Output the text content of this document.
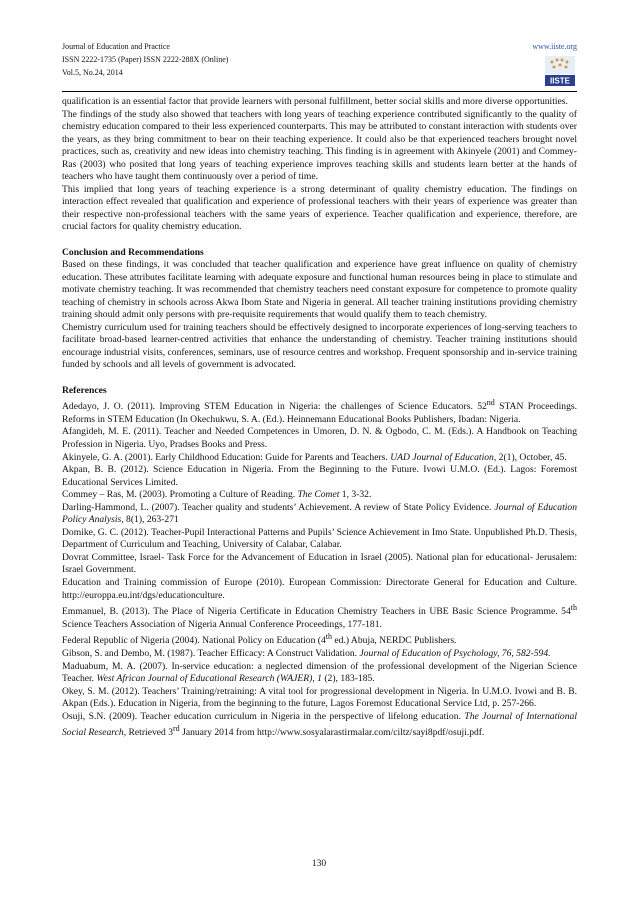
Journal of Education and Practice
ISSN 2222-1735 (Paper) ISSN 2222-288X (Online)
Vol.5, No.24, 2014
www.iiste.org
IISTE

qualification is an essential factor that provide learners with personal fulfillment, better social skills and more diverse opportunities.

The findings of the study also showed that teachers with long years of teaching experience contributed significantly to the quality of chemistry education compared to their less experienced counterparts. This may be attributed to constant interaction with students over the years, as they bring commitment to bear on their teaching experience. It could also be that experienced teachers brought novel practices, such as, creativity and new ideas into chemistry teaching. This finding is in agreement with Akinyele (2001) and Commey-Ras (2003) who posited that long years of teaching experience improves teaching skills and students learn better at the hands of teachers who have taught them continuously over a period of time.

This implied that long years of teaching experience is a strong determinant of quality chemistry education. The findings on interaction effect revealed that qualification and experience of professional teachers with their years of experience was greater than their respective non-professional teachers with the same years of experience. Teacher qualification and experience, therefore, are crucial factors for quality chemistry education.

Conclusion and Recommendations

Based on these findings, it was concluded that teacher qualification and experience have great influence on quality of chemistry education. These attributes facilitate learning with adequate exposure and functional human resources being in place to stimulate and motivate chemistry teaching. It was recommended that chemistry teachers need constant exposure for competence to promote quality teaching of chemistry in schools across Akwa Ibom State and Nigeria in general. All teacher training institutions providing chemistry training should admit only persons with pre-requisite requirements that would qualify them to teach chemistry.

Chemistry curriculum used for training teachers should be effectively designed to incorporate experiences of long-serving teachers to facilitate broad-based learner-centred activities that enhance the understanding of chemistry. Teacher training institutions should encourage industrial visits, conferences, seminars, use of resource centres and workshop. Frequent sponsorship and in-service training funded by schools and all levels of government is advocated.

References

Adedayo, J. O. (2011). Improving STEM Education in Nigeria: the challenges of Science Educators. 52nd STAN Proceedings. Reforms in STEM Education (In Okechukwu, S. A. (Ed.). Heinnemann Educational Books Publishers, Ibadan: Nigeria.

Afangideh, M. E. (2011). Teacher and Needed Competences in Umoren, D. N. & Ogbodo, C. M. (Eds.). A Handbook on Teaching Profession in Nigeria. Uyo, Pradses Books and Press.

Akinyele, G. A. (2001). Early Childhood Education: Guide for Parents and Teachers. UAD Journal of Education, 2(1), October, 45.

Akpan, B. B. (2012). Science Education in Nigeria. From the Beginning to the Future. Ivowi U.M.O. (Ed.). Lagos: Foremost Educational Services Limited.

Commey – Ras, M. (2003). Promoting a Culture of Reading. The Comet 1, 3-32.

Darling-Hammond, L. (2007). Teacher quality and students’ Achievement. A review of State Policy Evidence. Journal of Education Policy Analysis, 8(1), 263-271

Domike, G. C. (2012). Teacher-Pupil Interactional Patterns and Pupils’ Science Achievement in Imo State. Unpublished Ph.D. Thesis, Department of Curriculum and Teaching, University of Calabar, Calabar.

Dovrat Committee, Israel- Task Force for the Advancement of Education in Israel (2005). National plan for educational- Jerusalem: Israel Government.

Education and Training commission of Europe (2010). European Commission: Directorate General for Education and Culture. http://europpa.eu.int/dgs/educationculture.

Emmanuel, B. (2013). The Place of Nigeria Certificate in Education Chemistry Teachers in UBE Basic Science Programme. 54th Science Teachers Association of Nigeria Annual Conference Proceedings, 177-181.

Federal Republic of Nigeria (2004). National Policy on Education (4th ed.) Abuja, NERDC Publishers.

Gibson, S. and Dembo, M. (1987). Teacher Efficacy: A Construct Validation. Journal of Education of Psychology, 76, 582-594.

Maduabum, M. A. (2007). In-service education: a neglected dimension of the professional development of the Nigerian Science Teacher. West African Journal of Educational Research (WAJER), 1 (2), 183-185.

Okey, S. M. (2012). Teachers’ Training/retraining: A vital tool for progressional development in Nigeria. In U.M.O. Ivowi and B. B. Akpan (Eds.). Education in Nigeria, from the beginning to the future, Lagos Foremost Educational Service Ltd, p. 257-266.

Osuji, S.N. (2009). Teacher education curriculum in Nigeria in the perspective of lifelong education. The Journal of International Social Research, Retrieved 3rd January 2014 from http://www.sosyalarastirmalar.com/ciltz/sayi8pdf/osuji.pdf.

130
